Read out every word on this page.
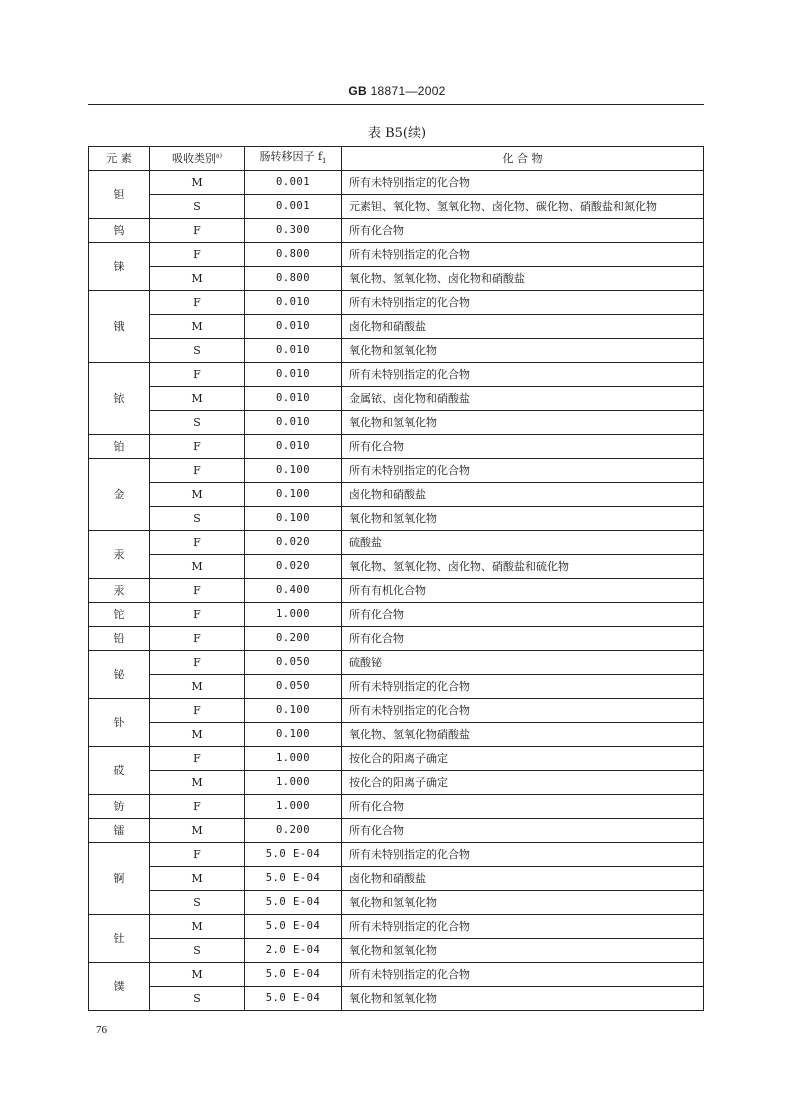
GB 18871—2002
表 B5(续)
元 素	吸收类别$^{a)}$	肠转移因子 $f_1$	化 合 物
钽	M	0.001	所有未特别指定的化合物
	S	0.001	元素钽、氧化物、氢氧化物、卤化物、碳化物、硝酸盐和氮化物
钨	F	0.300	所有化合物
铼	F	0.800	所有未特别指定的化合物
	M	0.800	氧化物、氢氧化物、卤化物和硝酸盐
锇	F	0.010	所有未特别指定的化合物
	M	0.010	卤化物和硝酸盐
	S	0.010	氧化物和氢氧化物
铱	F	0.010	所有未特别指定的化合物
	M	0.010	金属铱、卤化物和硝酸盐
	S	0.010	氧化物和氢氧化物
铂	F	0.010	所有化合物
金	F	0.100	所有未特别指定的化合物
	M	0.100	卤化物和硝酸盐
	S	0.100	氧化物和氢氧化物
汞	F	0.020	硫酸盐
	M	0.020	氧化物、氢氧化物、卤化物、硝酸盐和硫化物
汞	F	0.400	所有有机化合物
铊	F	1.000	所有化合物
铅	F	0.200	所有化合物
铋	F	0.050	硫酸铋
	M	0.050	所有未特别指定的化合物
钋	F	0.100	所有未特别指定的化合物
	M	0.100	氧化物、氢氧化物硝酸盐
砹	F	1.000	按化合的阳离子确定
	M	1.000	按化合的阳离子确定
钫	F	1.000	所有化合物
镭	M	0.200	所有化合物
锕	F	5.0 E-04	所有未特别指定的化合物
	M	5.0 E-04	卤化物和硝酸盐
	S	5.0 E-04	氧化物和氢氧化物
钍	M	5.0 E-04	所有未特别指定的化合物
	S	2.0 E-04	氧化物和氢氧化物
镤	M	5.0 E-04	所有未特别指定的化合物
	S	5.0 E-04	氧化物和氢氧化物
76
